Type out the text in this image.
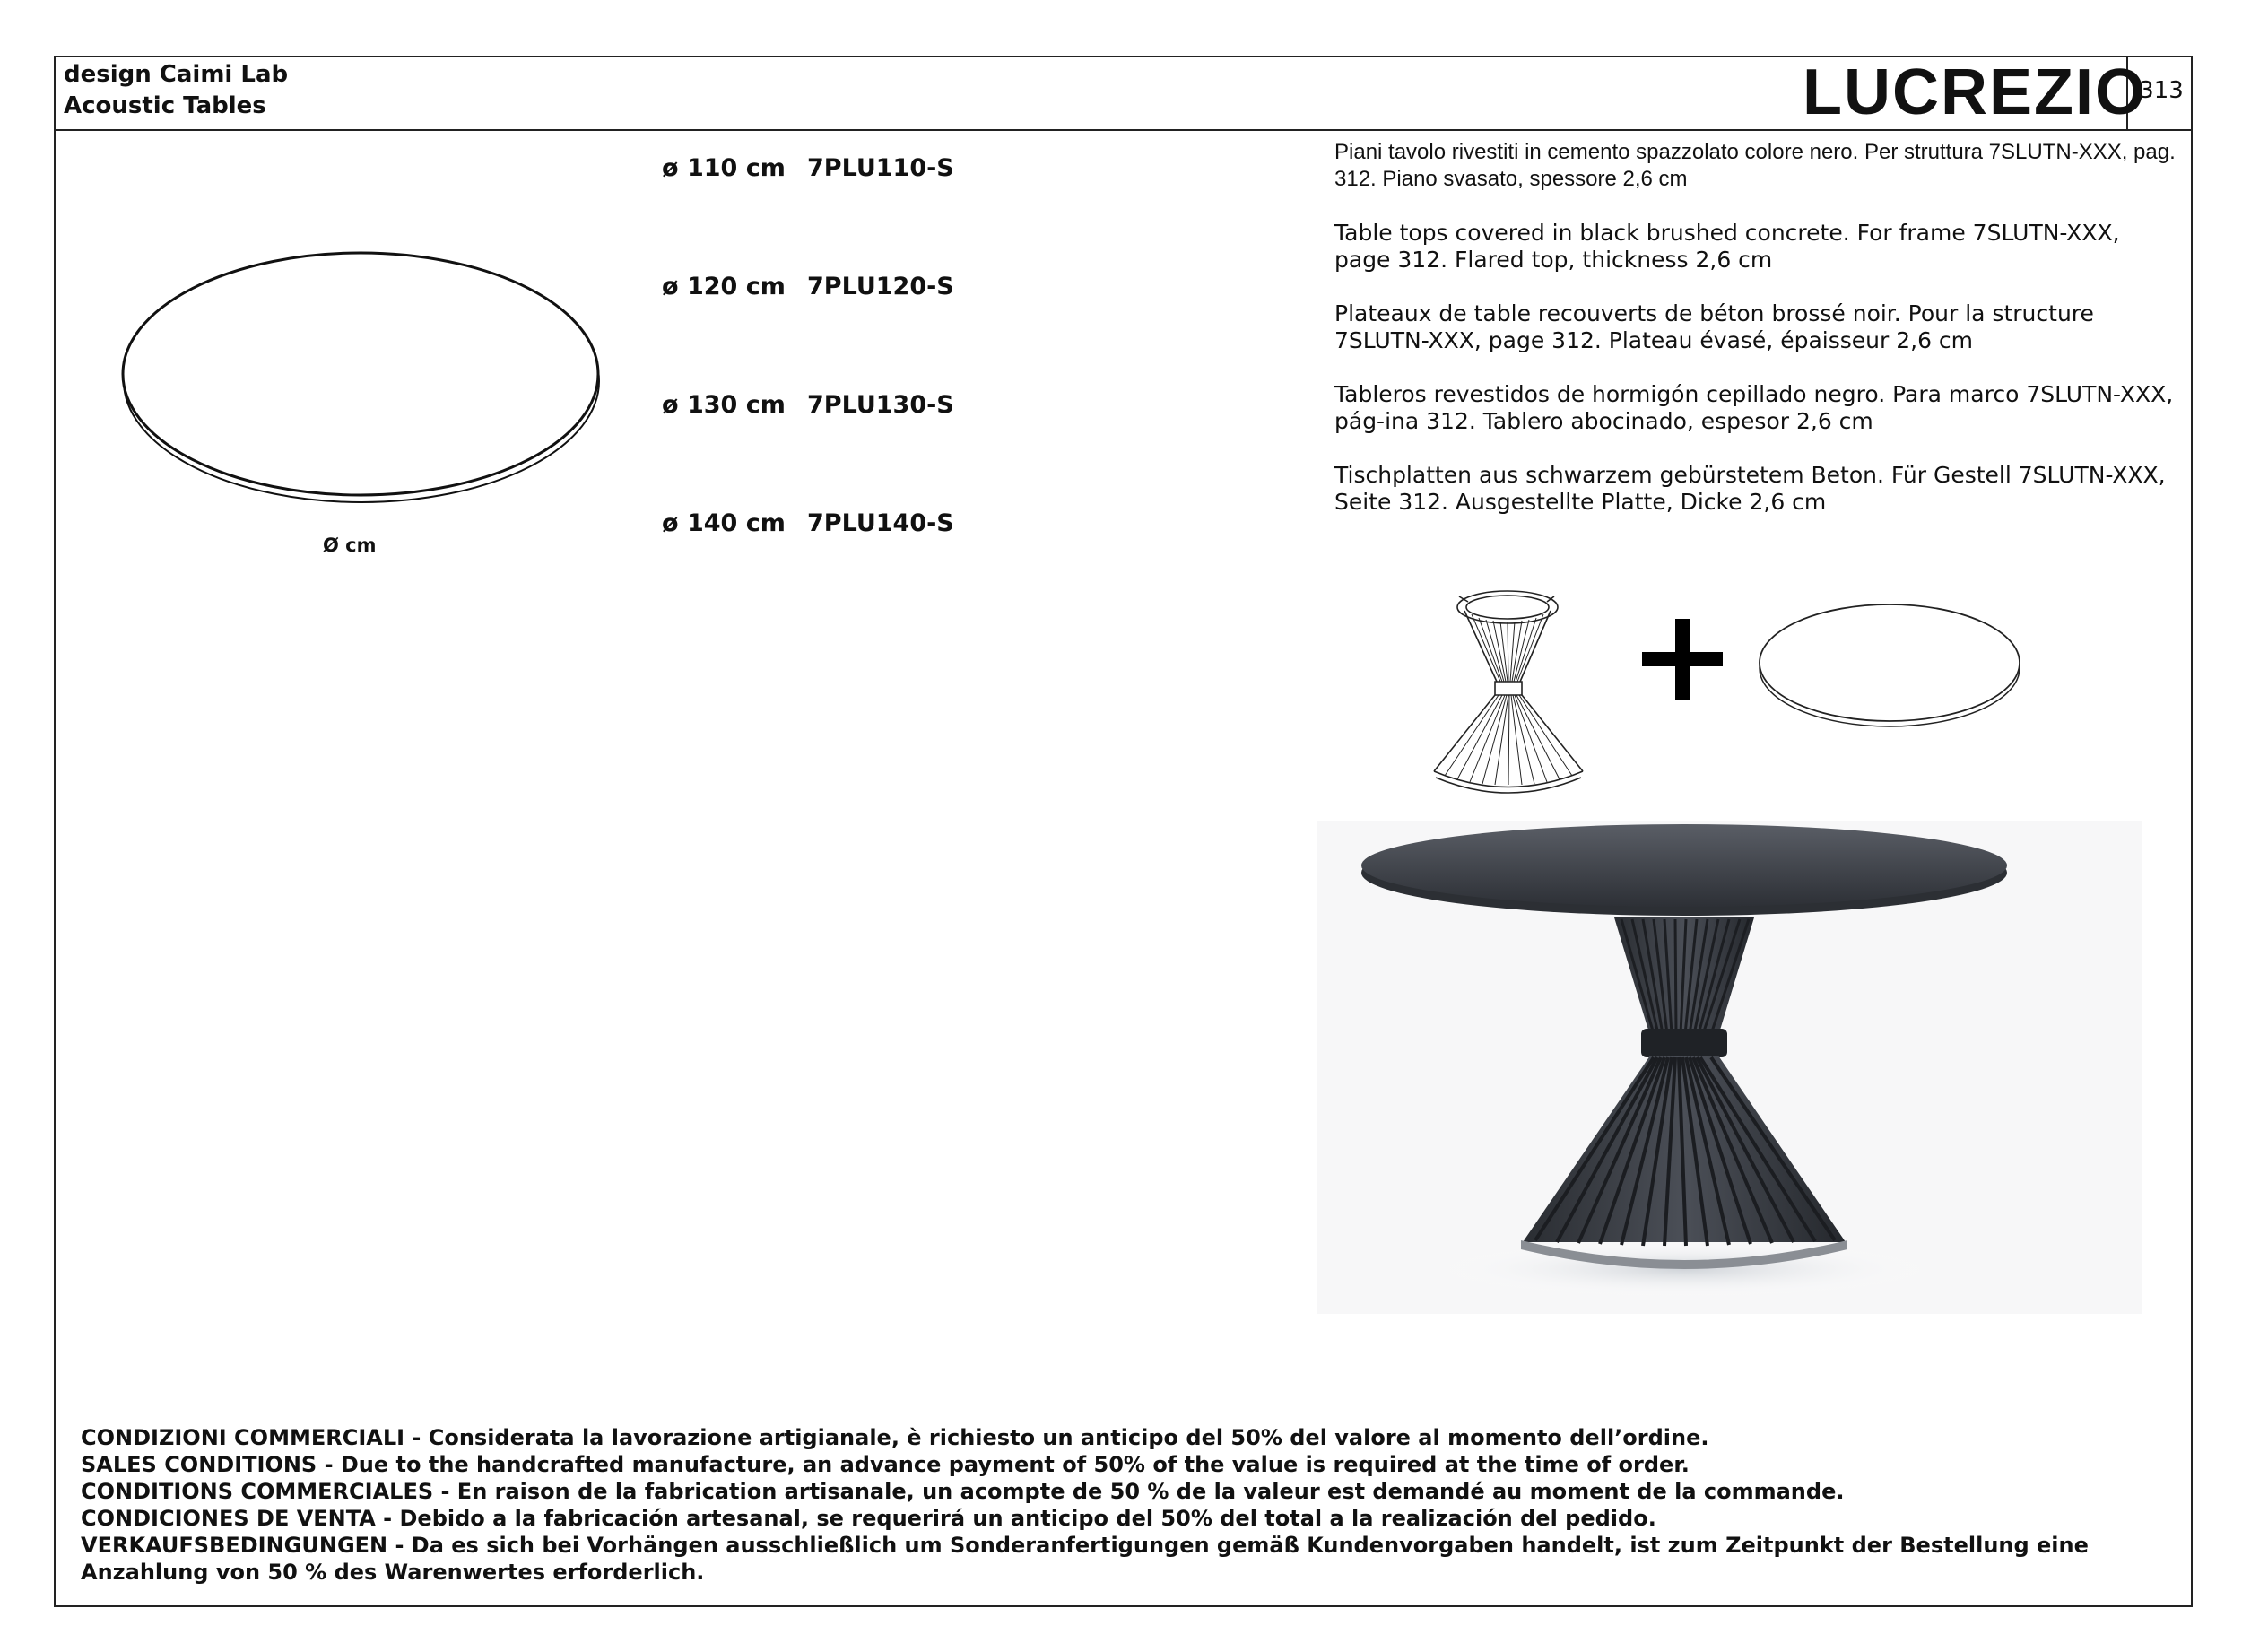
design Caimi Lab
Acoustic Tables	LUCREZIO
313
Ø cm
ø 110 cm 7PLU110-S
ø 120 cm 7PLU120-S
ø 130 cm 7PLU130-S
ø 140 cm 7PLU140-S

Piani tavolo rivestiti in cemento spazzolato colore nero. Per struttura 7SLUTN-XXX, pag. 312. Piano svasato, spessore 2,6 cm

Table tops covered in black brushed concrete. For frame 7SLUTN-XXX, page 312. Flared top, thickness 2,6 cm

Plateaux de table recouverts de béton brossé noir. Pour la structure 7SLUTN-XXX, page 312. Plateau évasé, épaisseur 2,6 cm

Tableros revestidos de hormigón cepillado negro. Para marco 7SLUTN-XXX, pág-ina 312. Tablero abocinado, espesor 2,6 cm

Tischplatten aus schwarzem gebürstetem Beton. Für Gestell 7SLUTN-XXX, Seite 312. Ausgestellte Platte, Dicke 2,6 cm

CONDIZIONI COMMERCIALI - Considerata la lavorazione artigianale, è richiesto un anticipo del 50% del valore al momento dell’ordine.
SALES CONDITIONS - Due to the handcrafted manufacture, an advance payment of 50% of the value is required at the time of order.
CONDITIONS COMMERCIALES - En raison de la fabrication artisanale, un acompte de 50 % de la valeur est demandé au moment de la commande.
CONDICIONES DE VENTA - Debido a la fabricación artesanal, se requerirá un anticipo del 50% del total a la realización del pedido.
VERKAUFSBEDINGUNGEN - Da es sich bei Vorhängen ausschließlich um Sonderanfertigungen gemäß Kundenvorgaben handelt, ist zum Zeitpunkt der Bestellung eine Anzahlung von 50 % des Warenwertes erforderlich.
